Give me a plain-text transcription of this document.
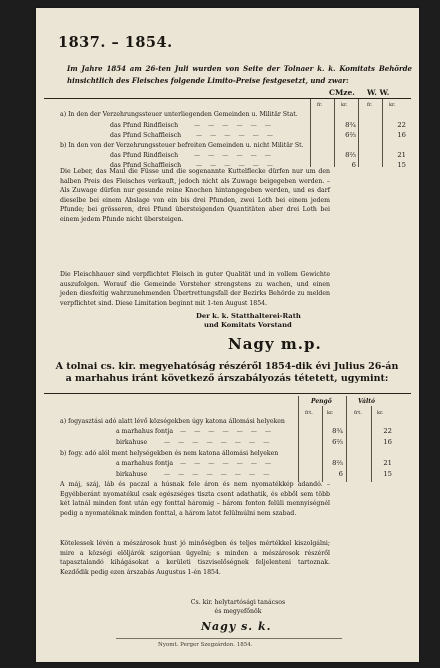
1837. – 1854.
Im Jahre 1854 am 26-ten Juli wurden von Seite der Tolnaer k. k. Komitats Behörde hinsichtlich des Fleisches folgende Limito-Preise festgesetzt, und zwar:
CMze. W. W.
fr.	kr.	fr.	kr.
a) In den der Verzehrungssteuer unterliegenden Gemeinden u. Militär Stat.
das Pfund Rindfleisch	— — — — — —	8¾	22
das Pfund Schaffleisch — — — — — —	6⅔	16
b) In den von der Verzehrungssteuer befreiten Gemeinden u. nicht Militär St.
das Pfund Rindfleisch	— — — — — —	8⅔	21
das Pfund Schaffleisch — — — — — —	6	15
Die Leber, das Maul die Füsse und die sogenannte Kuttelflecke dürfen nur um den halben Preis des Fleisches verkauft, jedoch nicht als Zuwage beigegeben werden. – Als Zuwage dürfen nur gesunde reine Knochen hintangegeben werden, und es darf dieselbe bei einem Abslage von ein bis drei Pfunden, zwei Loth bei einem jedem Pfunde; bei grösseren, drei Pfund übersteigenden Quantitäten aber drei Loth bei einem jedem Pfunde nicht übersteigen.
Die Fleischhauer sind verpflichtet Fleisch in guter Qualität und in vollem Gewichte auszufolgen. Worauf die Gemeinde Vorsteher strengstens zu wachen, und einen jeden diesfeitig wahrzunehmenden Übertrettungsfall der Bezirks Behörde zu melden verpflichtet sind. Diese Limitation beginnt mit 1-ten August 1854.
Der k. k. Statthalterei-Rath
und Komitats Vorstand
Nagy m.p.
A tolnai cs. kir. megyehatóság részéről 1854-dik évi Julius 26-án a marhahus iránt következő árszabályozás tétetett, ugymint:
Pengő	Váltó
frt.	kr.	frt.	kr.
a) fogyasztási adó alatt lévő községekben úgy katona állomási helyeken
a marhahus fontja — — — — — — —	8¾	22
birkahuse	— — — — — — — —	6⅔	16
b) fogy. adó alól ment helységekben és nem katona állomási helyeken
a marhahus fontja — — — — — — —	8⅔	21
birkahuse	— — — — — — — —	6	15
A máj, száj, láb és paczal a húsnak fele áron és nem nyomatékkép adandó. – Egyébberánt nyomatékul csak egészséges tiszta csont adathatik, és ebből sem több két latnál minden font után egy fonttal háromig – három fonton felüli mennyiségnél pedig a nyomatéknak minden fonttal, a három latot felülmúlni nem szabad.
Kötelessek lévén a mészárosok hust jó minőségben és teljes mértékkel kiszolgálni; mire a községi elöljárók szigorúan ügyelni; s minden a mészárosok részéről tapasztalandó kihágásokat a kerületi tiszviselőségnek feljelenteni tartoznak. Kezdődik pedig ezen árszabás Augustus 1-én 1854.
Cs. kir. helytartósági tanácsos
és megyefőnök
Nagy s. k.
Nyomt. Perger Szegzárdon. 1854.
